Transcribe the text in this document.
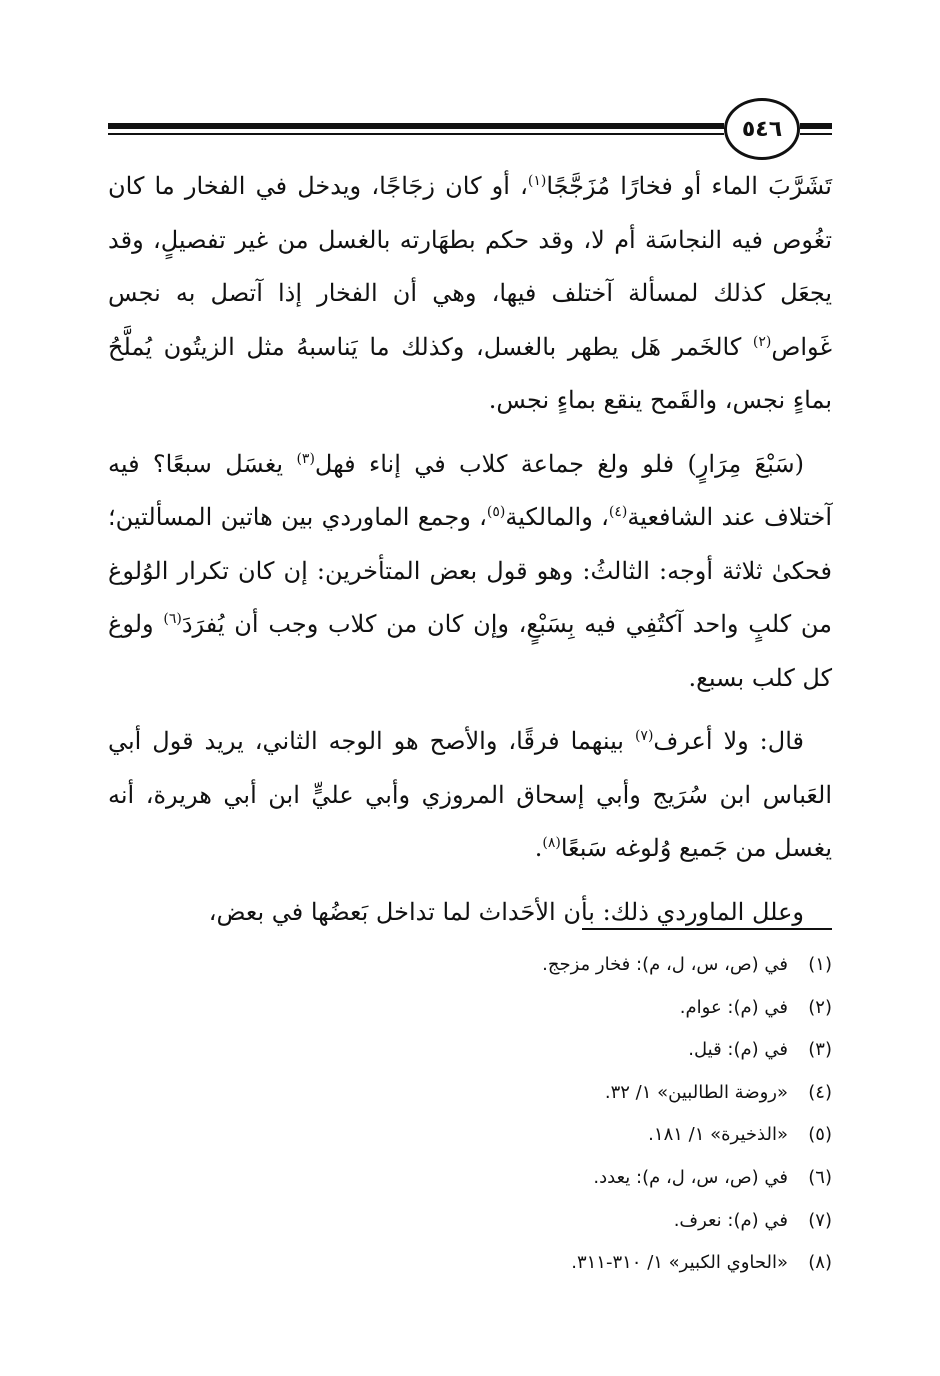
٥٤٦

تَشَرَّبَ الماء أو فخارًا مُزَجَّجًا$^{(١)}$، أو كان زجَاجًا، ويدخل في الفخار ما كان تغُوص فيه النجاسَة أم لا، وقد حكم بطهَارته بالغسل من غير تفصيلٍ، وقد يجعَل كذلك لمسألة آختلف فيها، وهي أن الفخار إذا آتصل به نجس غَواص$^{(٢)}$ كالخَمر هَل يطهر بالغسل، وكذلك ما يَناسبهُ مثل الزيتُون يُملَّحُ بماءٍ نجس، والقَمح ينقع بماءٍ نجس.

(سَبْعَ مِرَارٍ) فلو ولغ جماعة كلاب في إناء فهل$^{(٣)}$ يغسَل سبعًا؟ فيه آختلاف عند الشافعية$^{(٤)}$، والمالكية$^{(٥)}$، وجمع الماوردي بين هاتين المسألتين؛ فحكىٰ ثلاثة أوجه: الثالثُ: وهو قول بعض المتأخرين: إن كان تكرار الوُلوغ من كلبٍ واحد آكتُفِي فيه بِسَبْعٍ، وإن كان من كلاب وجب أن يُفرَدَ$^{(٦)}$ ولوغ كل كلب بسبع.

قال: ولا أعرف$^{(٧)}$ بينهما فرقًا، والأصح هو الوجه الثاني، يريد قول أبي العَباس ابن سُرَيج وأبي إسحاق المروزي وأبي عليٍّ ابن أبي هريرة، أنه يغسل من جَميع وُلوغه سَبعًا$^{(٨)}$.

وعلل الماوردي ذلك: بأن الأحَداث لما تداخل بَعضُها في بعض،

(١)
في (ص، س، ل، م): فخار مزجج.
(٢)
في (م): عوام.
(٣)
في (م): قيل.
(٤)
«روضة الطالبين» ١/ ٣٢.
(٥)
«الذخيرة» ١/ ١٨١.
(٦)
في (ص، س، ل، م): يعدد.
(٧)
في (م): نعرف.
(٨)
«الحاوي الكبير» ١/ ٣١٠-٣١١.
